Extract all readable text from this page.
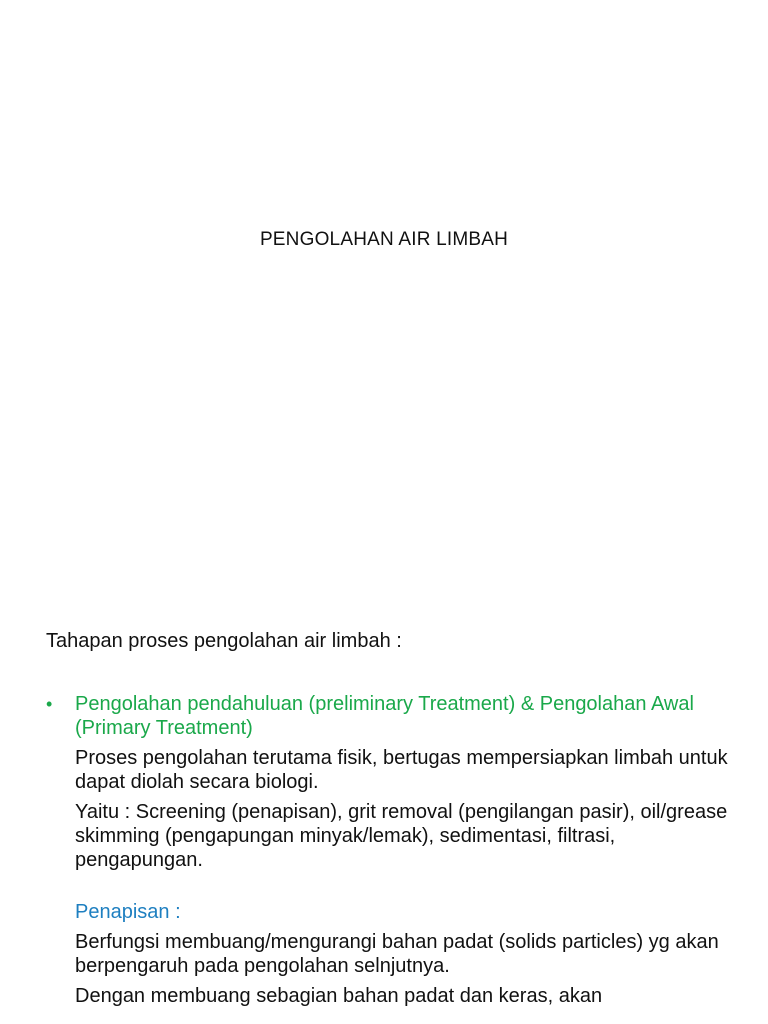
PENGOLAHAN AIR LIMBAH
Tahapan proses pengolahan air limbah :
•	Pengolahan pendahuluan (preliminary Treatment) & Pengolahan Awal (Primary Treatment)
Proses pengolahan terutama fisik, bertugas mempersiapkan limbah untuk dapat diolah secara biologi.
Yaitu : Screening (penapisan), grit removal (pengilangan pasir), oil/grease skimming (pengapungan minyak/lemak), sedimentasi, filtrasi, pengapungan.
Penapisan :
Berfungsi membuang/mengurangi bahan padat (solids particles) yg akan berpengaruh pada pengolahan selnjutnya.
Dengan membuang sebagian bahan padat dan keras, akan
